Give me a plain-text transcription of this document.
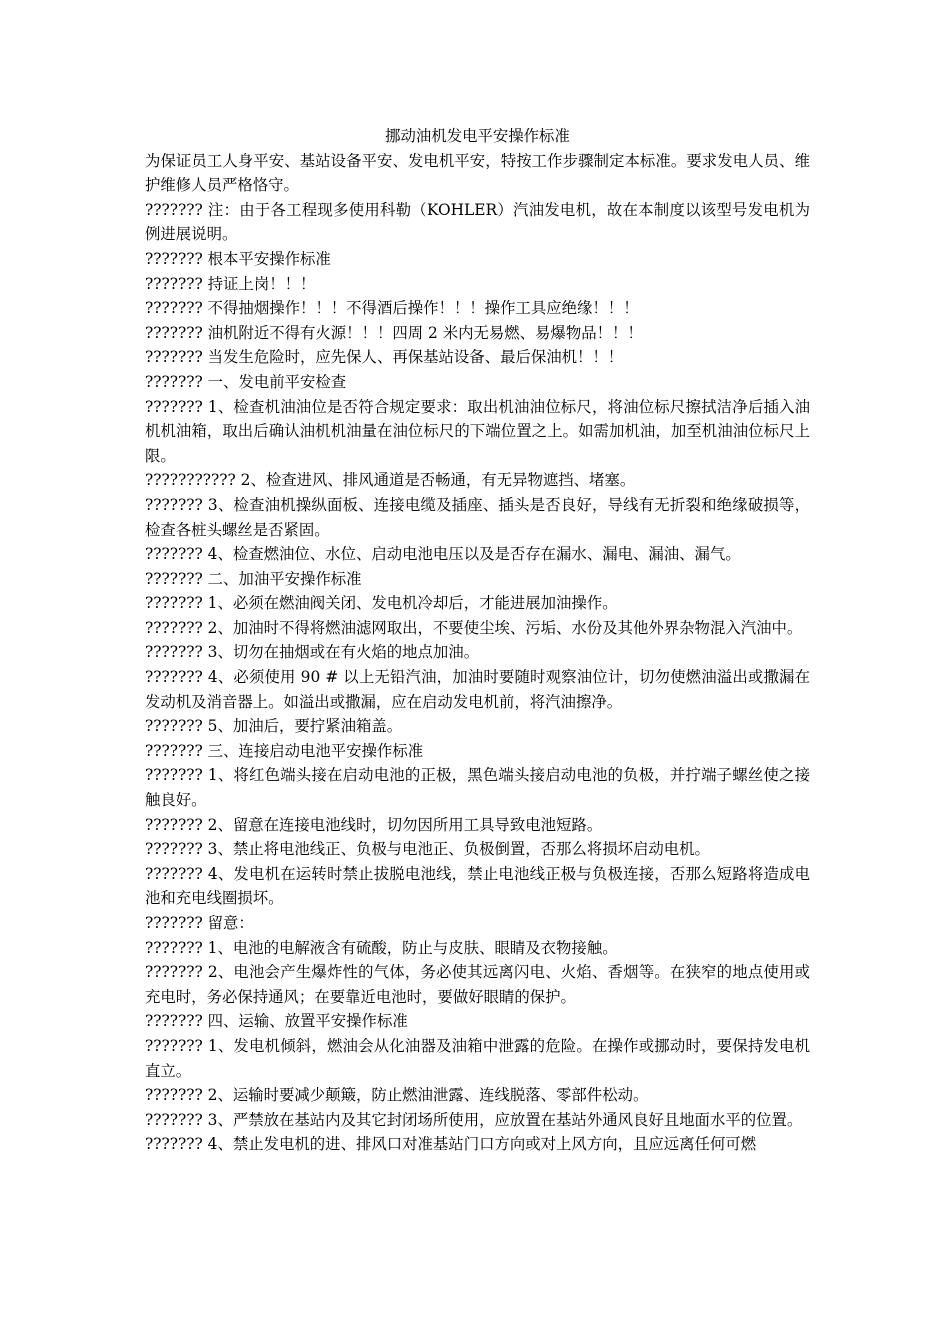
挪动油机发电平安操作标准

为保证员工人身平安、基站设备平安、发电机平安，特按工作步骤制定本标准。要求发电人员、维护维修人员严格恪守。

??????? 注：由于各工程现多使用科勒（KOHLER）汽油发电机，故在本制度以该型号发电机为例进展说明。

??????? 根本平安操作标准

??????? 持证上岗！！！

??????? 不得抽烟操作！！！不得酒后操作！！！操作工具应绝缘！！！

??????? 油机附近不得有火源！！！四周 2 米内无易燃、易爆物品！！！

??????? 当发生危险时，应先保人、再保基站设备、最后保油机！！！

??????? 一、发电前平安检查

??????? 1、检查机油油位是否符合规定要求：取出机油油位标尺，将油位标尺擦拭洁净后插入油机机油箱，取出后确认油机机油量在油位标尺的下端位置之上。如需加机油，加至机油油位标尺上限。

??????????? 2、检查进风、排风通道是否畅通，有无异物遮挡、堵塞。

??????? 3、检查油机操纵面板、连接电缆及插座、插头是否良好，导线有无折裂和绝缘破损等，检查各桩头螺丝是否紧固。

??????? 4、检查燃油位、水位、启动电池电压以及是否存在漏水、漏电、漏油、漏气。

??????? 二、加油平安操作标准

??????? 1、必须在燃油阀关闭、发电机冷却后，才能进展加油操作。

??????? 2、加油时不得将燃油滤网取出，不要使尘埃、污垢、水份及其他外界杂物混入汽油中。

??????? 3、切勿在抽烟或在有火焰的地点加油。

??????? 4、必须使用 90 # 以上无铅汽油，加油时要随时观察油位计，切勿使燃油溢出或撒漏在发动机及消音器上。如溢出或撒漏，应在启动发电机前，将汽油擦净。

??????? 5、加油后，要拧紧油箱盖。

??????? 三、连接启动电池平安操作标准

??????? 1、将红色端头接在启动电池的正极，黑色端头接启动电池的负极，并拧端子螺丝使之接触良好。

??????? 2、留意在连接电池线时，切勿因所用工具导致电池短路。

??????? 3、禁止将电池线正、负极与电池正、负极倒置，否那么将损坏启动电机。

??????? 4、发电机在运转时禁止拔脱电池线，禁止电池线正极与负极连接，否那么短路将造成电池和充电线圈损坏。

??????? 留意：

??????? 1、电池的电解液含有硫酸，防止与皮肤、眼睛及衣物接触。

??????? 2、电池会产生爆炸性的气体，务必使其远离闪电、火焰、香烟等。在狭窄的地点使用或充电时，务必保持通风；在要靠近电池时，要做好眼睛的保护。

??????? 四、运输、放置平安操作标准

??????? 1、发电机倾斜，燃油会从化油器及油箱中泄露的危险。在操作或挪动时，要保持发电机直立。

??????? 2、运输时要减少颠簸，防止燃油泄露、连线脱落、零部件松动。

??????? 3、严禁放在基站内及其它封闭场所使用，应放置在基站外通风良好且地面水平的位置。

??????? 4、禁止发电机的进、排风口对准基站门口方向或对上风方向，且应远离任何可燃
